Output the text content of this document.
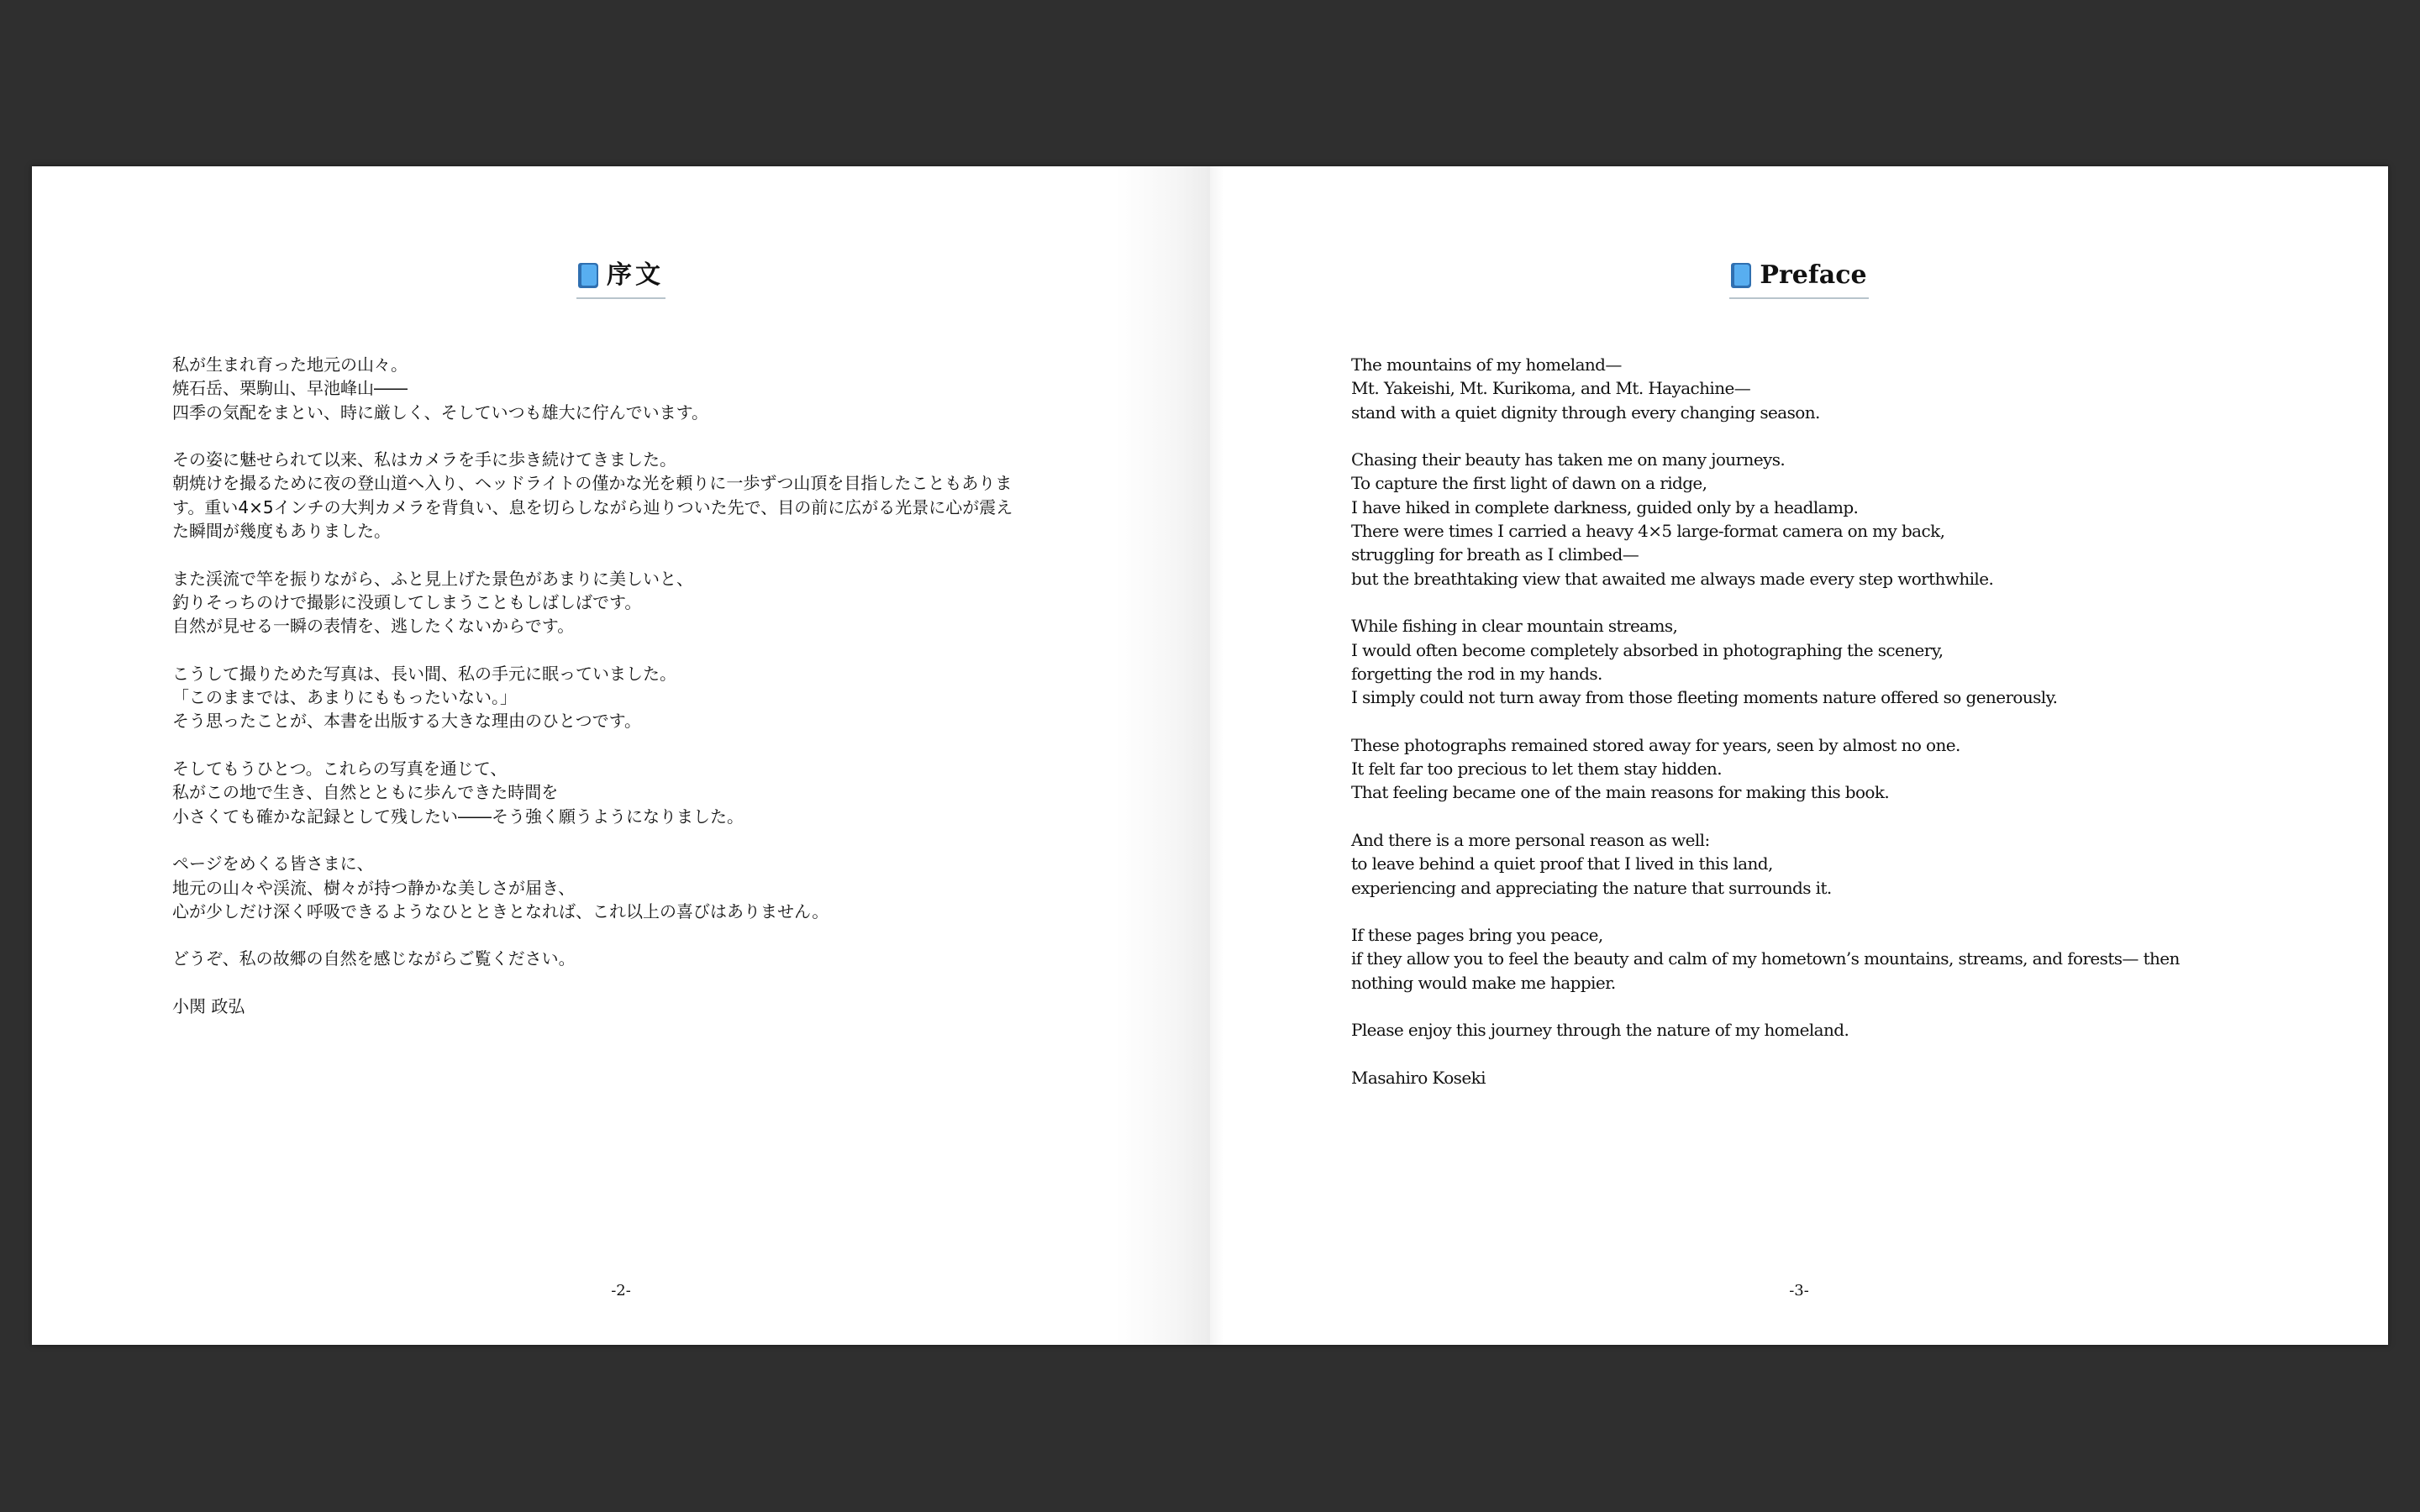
序文
私が生まれ育った地元の山々。
焼石岳、栗駒山、早池峰山――
四季の気配をまとい、時に厳しく、そしていつも雄大に佇んでいます。
その姿に魅せられて以来、私はカメラを手に歩き続けてきました。
朝焼けを撮るために夜の登山道へ入り、ヘッドライトの僅かな光を頼りに一歩ずつ山頂を目指したこともありま
す。重い4×5インチの大判カメラを背負い、息を切らしながら辿りついた先で、目の前に広がる光景に心が震え
た瞬間が幾度もありました。
また渓流で竿を振りながら、ふと見上げた景色があまりに美しいと、
釣りそっちのけで撮影に没頭してしまうこともしばしばです。
自然が見せる一瞬の表情を、逃したくないからです。
こうして撮りためた写真は、長い間、私の手元に眠っていました。
「このままでは、あまりにももったいない。」
そう思ったことが、本書を出版する大きな理由のひとつです。
そしてもうひとつ。これらの写真を通じて、
私がこの地で生き、自然とともに歩んできた時間を
小さくても確かな記録として残したい――そう強く願うようになりました。
ページをめくる皆さまに、
地元の山々や渓流、樹々が持つ静かな美しさが届き、
心が少しだけ深く呼吸できるようなひとときとなれば、これ以上の喜びはありません。
どうぞ、私の故郷の自然を感じながらご覧ください。
小関 政弘
-2-
Preface
The mountains of my homeland—
Mt. Yakeishi, Mt. Kurikoma, and Mt. Hayachine—
stand with a quiet dignity through every changing season.
Chasing their beauty has taken me on many journeys.
To capture the first light of dawn on a ridge,
I have hiked in complete darkness, guided only by a headlamp.
There were times I carried a heavy 4×5 large-format camera on my back,
struggling for breath as I climbed—
but the breathtaking view that awaited me always made every step worthwhile.
While fishing in clear mountain streams,
I would often become completely absorbed in photographing the scenery,
forgetting the rod in my hands.
I simply could not turn away from those fleeting moments nature offered so generously.
These photographs remained stored away for years, seen by almost no one.
It felt far too precious to let them stay hidden.
That feeling became one of the main reasons for making this book.
And there is a more personal reason as well:
to leave behind a quiet proof that I lived in this land,
experiencing and appreciating the nature that surrounds it.
If these pages bring you peace,
if they allow you to feel the beauty and calm of my hometown’s mountains, streams, and forests— then
nothing would make me happier.
Please enjoy this journey through the nature of my homeland.
Masahiro Koseki
-3-
